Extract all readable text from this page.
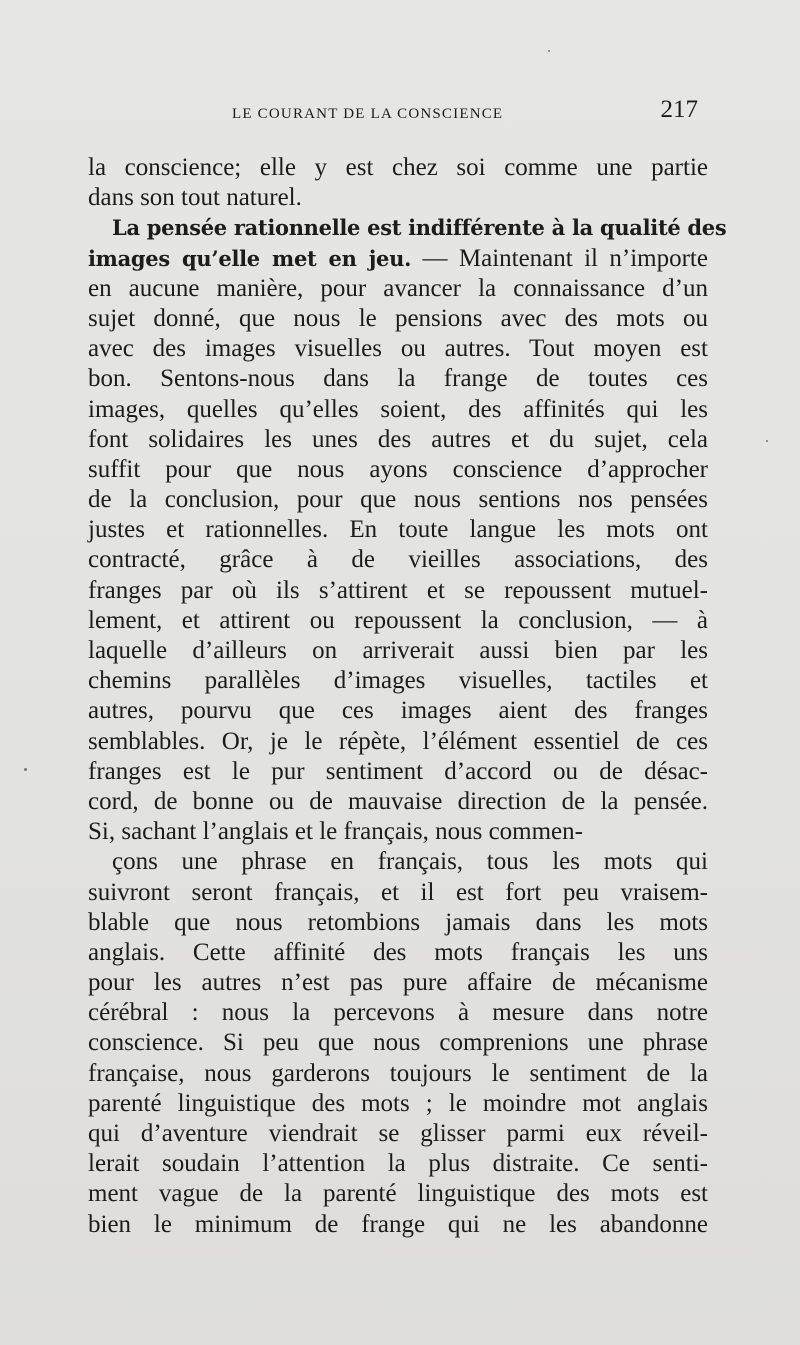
LE COURANT DE LA CONSCIENCE	217
la conscience; elle y est chez soi comme une partie
dans son tout naturel.
La pensée rationnelle est indifférente à la qualité des
images qu’elle met en jeu. — Maintenant il n’importe
en aucune manière, pour avancer la connaissance d’un
sujet donné, que nous le pensions avec des mots ou
avec des images visuelles ou autres. Tout moyen est
bon. Sentons-nous dans la frange de toutes ces
images, quelles qu’elles soient, des affinités qui les
font solidaires les unes des autres et du sujet, cela
suffit pour que nous ayons conscience d’approcher
de la conclusion, pour que nous sentions nos pensées
justes et rationnelles. En toute langue les mots ont
contracté, grâce à de vieilles associations, des
franges par où ils s’attirent et se repoussent mutuel-
lement, et attirent ou repoussent la conclusion, — à
laquelle d’ailleurs on arriverait aussi bien par les
chemins parallèles d’images visuelles, tactiles et
autres, pourvu que ces images aient des franges
semblables. Or, je le répète, l’élément essentiel de ces
franges est le pur sentiment d’accord ou de désac-
cord, de bonne ou de mauvaise direction de la pensée.
Si, sachant l’anglais et le français, nous commen-
çons une phrase en français, tous les mots qui
suivront seront français, et il est fort peu vraisem-
blable que nous retombions jamais dans les mots
anglais. Cette affinité des mots français les uns
pour les autres n’est pas pure affaire de mécanisme
cérébral : nous la percevons à mesure dans notre
conscience. Si peu que nous comprenions une phrase
française, nous garderons toujours le sentiment de la
parenté linguistique des mots ; le moindre mot anglais
qui d’aventure viendrait se glisser parmi eux réveil-
lerait soudain l’attention la plus distraite. Ce senti-
ment vague de la parenté linguistique des mots est
bien le minimum de frange qui ne les abandonne
